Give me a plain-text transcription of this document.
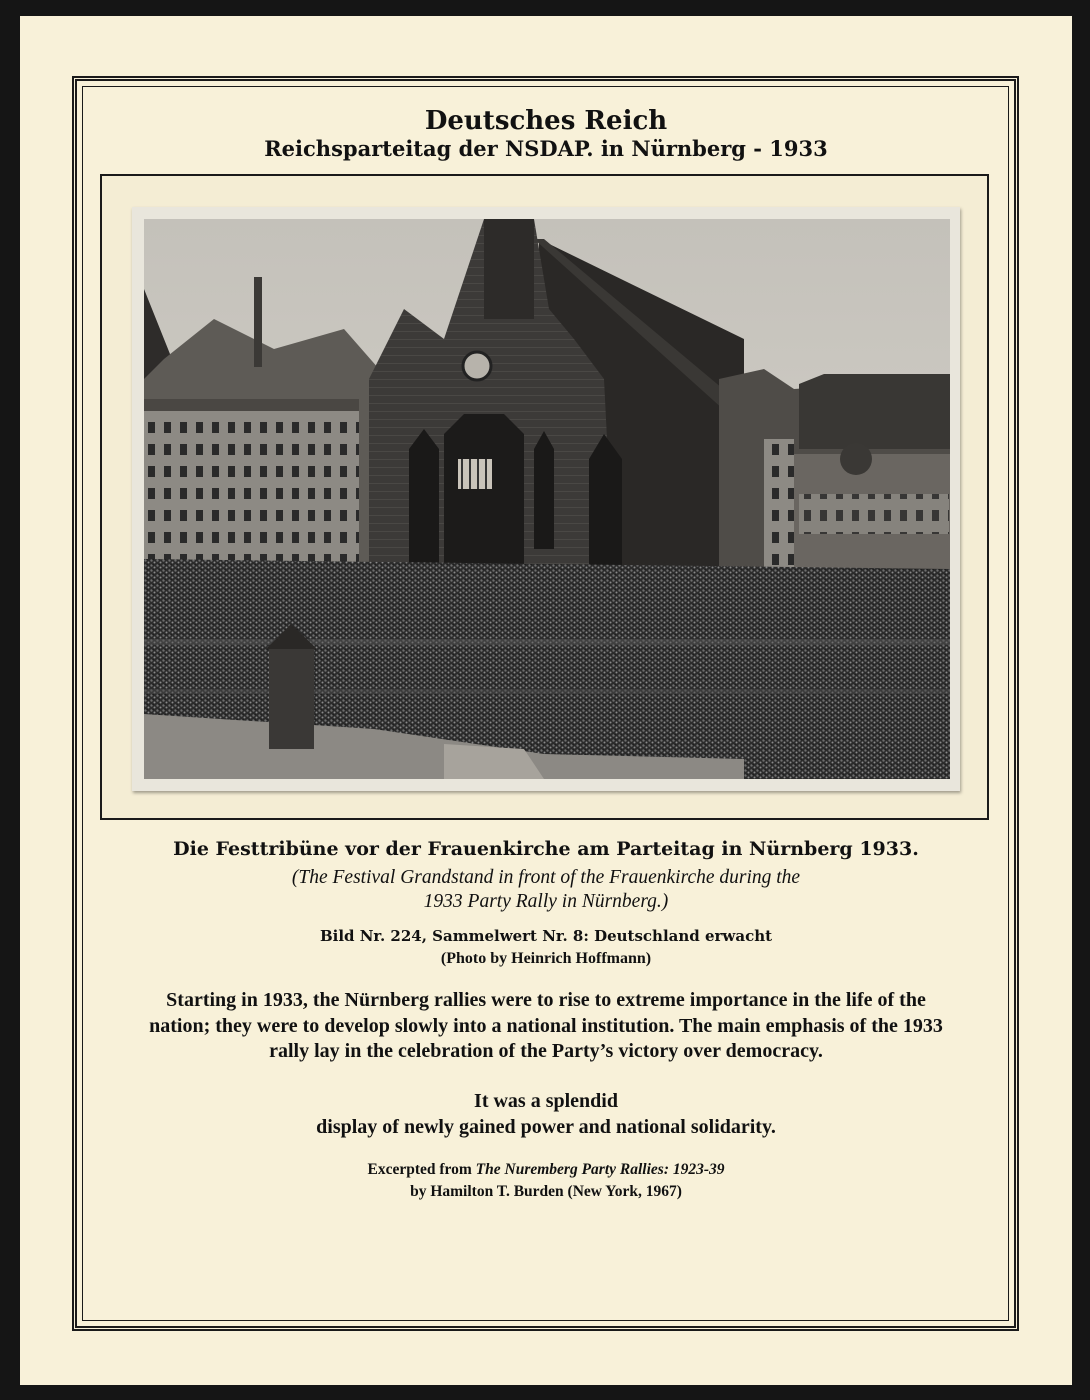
Deutsches Reich
Reichsparteitag der NSDAP. in Nürnberg - 1933
Die Festtribüne vor der Frauenkirche am Parteitag in Nürnberg 1933.
(The Festival Grandstand in front of the Frauenkirche during the
1933 Party Rally in Nürnberg.)
Bild Nr. 224, Sammelwert Nr. 8: Deutschland erwacht
(Photo by Heinrich Hoffmann)
Starting in 1933, the Nürnberg rallies were to rise to extreme importance in the life of the
nation; they were to develop slowly into a national institution. The main emphasis of the 1933
rally lay in the celebration of the Party’s victory over democracy.
It was a splendid
display of newly gained power and national solidarity.
Excerpted from The Nuremberg Party Rallies: 1923-39
by Hamilton T. Burden (New York, 1967)
